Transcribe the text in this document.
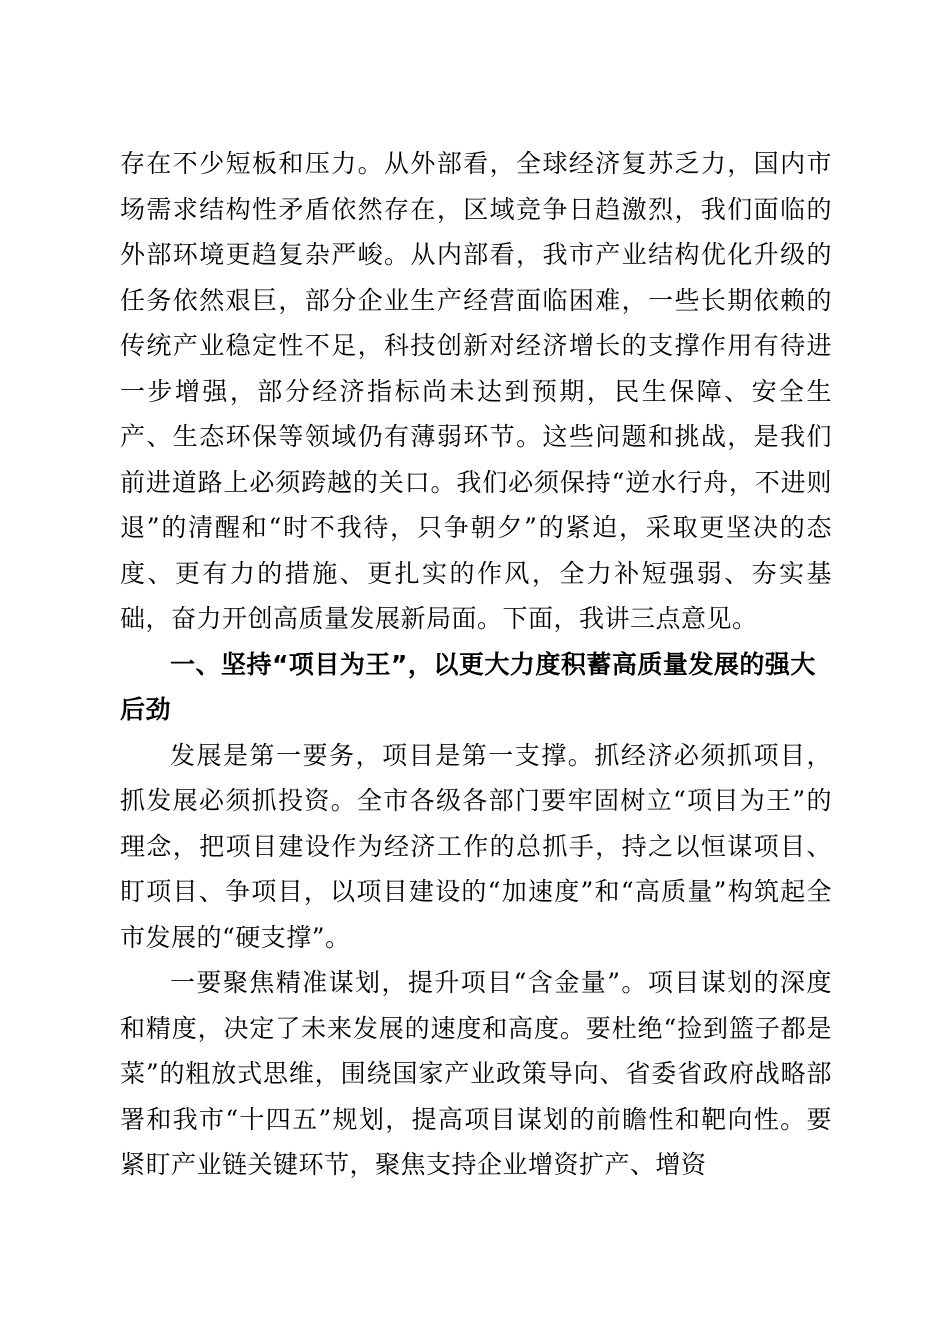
存在不少短板和压力。从外部看，全球经济复苏乏力，国内市场需求结构性矛盾依然存在，区域竞争日趋激烈，我们面临的外部环境更趋复杂严峻。从内部看，我市产业结构优化升级的任务依然艰巨，部分企业生产经营面临困难，一些长期依赖的传统产业稳定性不足，科技创新对经济增长的支撑作用有待进一步增强，部分经济指标尚未达到预期，民生保障、安全生产、生态环保等领域仍有薄弱环节。这些问题和挑战，是我们前进道路上必须跨越的关口。我们必须保持“逆水行舟，不进则退”的清醒和“时不我待，只争朝夕”的紧迫，采取更坚决的态度、更有力的措施、更扎实的作风，全力补短强弱、夯实基础，奋力开创高质量发展新局面。下面，我讲三点意见。

一、坚持“项目为王”，以更大力度积蓄高质量发展的强大后劲

发展是第一要务，项目是第一支撑。抓经济必须抓项目，抓发展必须抓投资。全市各级各部门要牢固树立“项目为王”的理念，把项目建设作为经济工作的总抓手，持之以恒谋项目、盯项目、争项目，以项目建设的“加速度”和“高质量”构筑起全市发展的“硬支撑”。

一要聚焦精准谋划，提升项目“含金量”。项目谋划的深度和精度，决定了未来发展的速度和高度。要杜绝“捡到篮子都是菜”的粗放式思维，围绕国家产业政策导向、省委省政府战略部署和我市“十四五”规划，提高项目谋划的前瞻性和靶向性。要紧盯产业链关键环节，聚焦支持企业增资扩产、增资
